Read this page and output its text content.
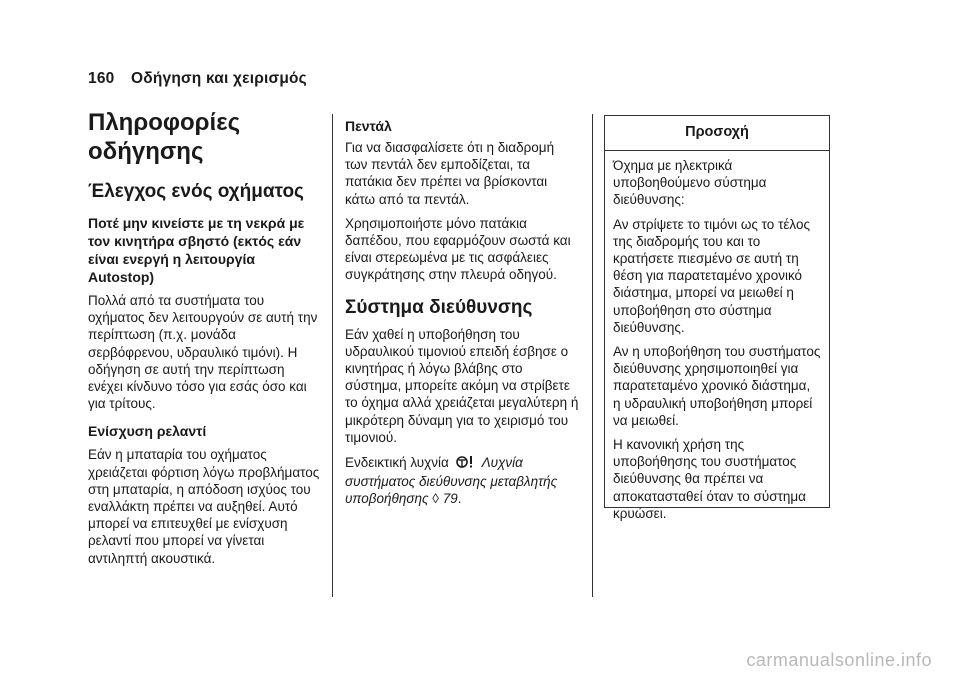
160 Οδήγηση και χειρισμός
Πληροφορίες οδήγησης
Έλεγχος ενός οχήματος
Ποτέ μην κινείστε με τη νεκρά με τον κινητήρα σβηστό (εκτός εάν είναι ενεργή η λειτουργία Autostop)

Πολλά από τα συστήματα του οχήματος δεν λειτουργούν σε αυτή την περίπτωση (π.χ. μονάδα σερβόφρενου, υδραυλικό τιμόνι). Η οδήγηση σε αυτή την περίπτωση ενέχει κίνδυνο τόσο για εσάς όσο και για τρίτους.

Ενίσχυση ρελαντί

Εάν η μπαταρία του οχήματος χρειάζεται φόρτιση λόγω προβλήματος στη μπαταρία, η απόδοση ισχύος του εναλλάκτη πρέπει να αυξηθεί. Αυτό μπορεί να επιτευχθεί με ενίσχυση ρελαντί που μπορεί να γίνεται αντιληπτή ακουστικά.

Πεντάλ

Για να διασφαλίσετε ότι η διαδρομή των πεντάλ δεν εμποδίζεται, τα πατάκια δεν πρέπει να βρίσκονται κάτω από τα πεντάλ.

Χρησιμοποιήστε μόνο πατάκια δαπέδου, που εφαρμόζουν σωστά και είναι στερεωμένα με τις ασφάλειες συγκράτησης στην πλευρά οδηγού.

Σύστημα διεύθυνσης

Εάν χαθεί η υποβοήθηση του υδραυλικού τιμονιού επειδή έσβησε ο κινητήρας ή λόγω βλάβης στο σύστημα, μπορείτε ακόμη να στρίβετε το όχημα αλλά χρειάζεται μεγαλύτερη ή μικρότερη δύναμη για το χειρισμό του τιμονιού.

Ενδεικτική λυχνία Λυχνία συστήματος διεύθυνσης μεταβλητής υποβοήθησης ◊ 79.

Προσοχή

Όχημα με ηλεκτρικά υποβοηθούμενο σύστημα διεύθυνσης:

Αν στρίψετε το τιμόνι ως το τέλος της διαδρομής του και το κρατήσετε πιεσμένο σε αυτή τη θέση για παρατεταμένο χρονικό διάστημα, μπορεί να μειωθεί η υποβοήθηση στο σύστημα διεύθυνσης.

Αν η υποβοήθηση του συστήματος διεύθυνσης χρησιμοποιηθεί για παρατεταμένο χρονικό διάστημα, η υδραυλική υποβοήθηση μπορεί να μειωθεί.

Η κανονική χρήση της υποβοήθησης του συστήματος διεύθυνσης θα πρέπει να αποκατασταθεί όταν το σύστημα κρυώσει.

carmanualsonline.info
